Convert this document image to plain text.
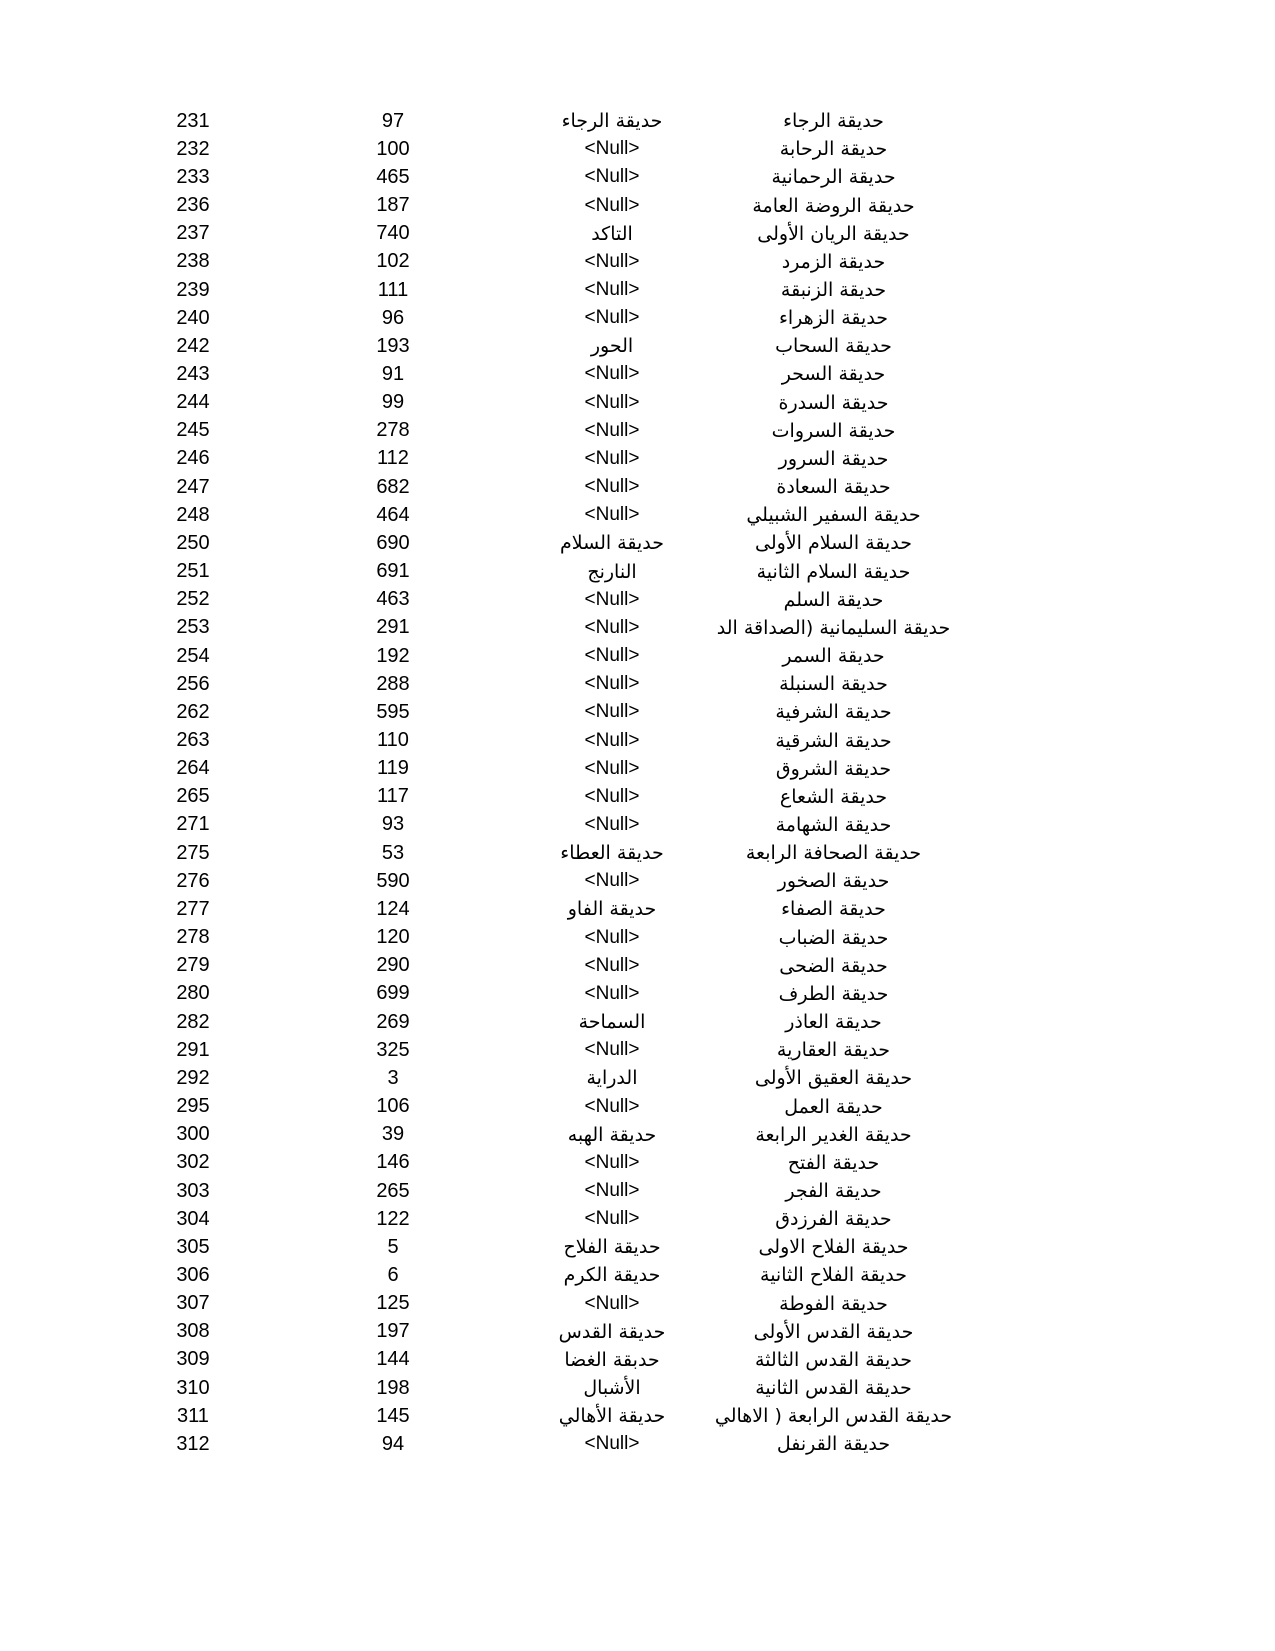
231	97	حديقة الرجاء	حديقة الرجاء
232	100	<Null>	حديقة الرحابة
233	465	<Null>	حديقة الرحمانية
236	187	<Null>	حديقة الروضة العامة
237	740	التاكد	حديقة الريان الأولى
238	102	<Null>	حديقة الزمرد
239	111	<Null>	حديقة الزنبقة
240	96	<Null>	حديقة الزهراء
242	193	الحور	حديقة السحاب
243	91	<Null>	حديقة السحر
244	99	<Null>	حديقة السدرة
245	278	<Null>	حديقة السروات
246	112	<Null>	حديقة السرور
247	682	<Null>	حديقة السعادة
248	464	<Null>	حديقة السفير الشبيلي
250	690	حديقة السلام	حديقة السلام الأولى
251	691	النارنج	حديقة السلام الثانية
252	463	<Null>	حديقة السلم
253	291	<Null>	حديقة السليمانية (الصداقة الد
254	192	<Null>	حديقة السمر
256	288	<Null>	حديقة السنبلة
262	595	<Null>	حديقة الشرفية
263	110	<Null>	حديقة الشرقية
264	119	<Null>	حديقة الشروق
265	117	<Null>	حديقة الشعاع
271	93	<Null>	حديقة الشهامة
275	53	حديقة العطاء	حديقة الصحافة الرابعة
276	590	<Null>	حديقة الصخور
277	124	حديقة الفاو	حديقة الصفاء
278	120	<Null>	حديقة الضباب
279	290	<Null>	حديقة الضحى
280	699	<Null>	حديقة الطرف
282	269	السماحة	حديقة العاذر
291	325	<Null>	حديقة العقارية
292	3	الدراية	حديقة العقيق الأولى
295	106	<Null>	حديقة العمل
300	39	حديقة الهبه	حديقة الغدير الرابعة
302	146	<Null>	حديقة الفتح
303	265	<Null>	حديقة الفجر
304	122	<Null>	حديقة الفرزدق
305	5	حديقة الفلاح	حديقة الفلاح الاولى
306	6	حديقة الكرم	حديقة الفلاح الثانية
307	125	<Null>	حديقة الفوطة
308	197	حديقة القدس	حديقة القدس الأولى
309	144	حدبقة الغضا	حديقة القدس الثالثة
310	198	الأشبال	حديقة القدس الثانية
311	145	حديقة الأهالي	حديقة القدس الرابعة ( الاهالي
312	94	<Null>	حديقة القرنفل
